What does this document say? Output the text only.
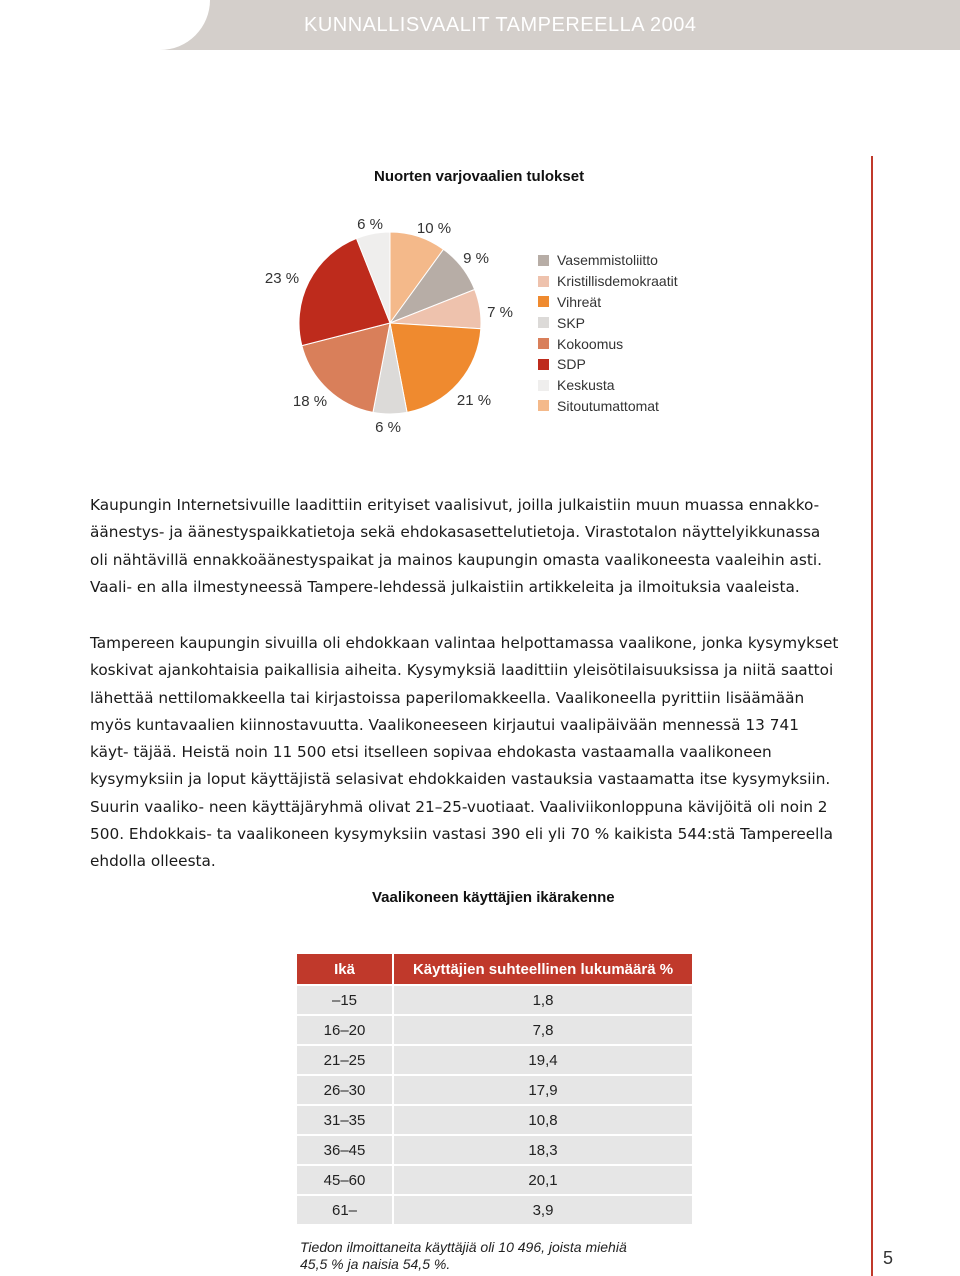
KUNNALLISVAALIT TAMPEREELLA 2004
Nuorten varjovaalien tulokset
10 %
9 %
7 %
21 %
6 %
18 %
23 %
6 %
Vasemmistoliitto
Kristillisdemokraatit
Vihreät
SKP
Kokoomus
SDP
Keskusta
Sitoutumattomat

Kaupungin Internetsivuille laadittiin erityiset vaalisivut, joilla julkaistiin muun muassa ennakko- äänestys- ja äänestyspaikkatietoja sekä ehdokasasettelutietoja. Virastotalon näyttelyikkunassa oli nähtävillä ennakkoäänestyspaikat ja mainos kaupungin omasta vaalikoneesta vaaleihin asti. Vaali- en alla ilmestyneessä Tampere-lehdessä julkaistiin artikkeleita ja ilmoituksia vaaleista.

Tampereen kaupungin sivuilla oli ehdokkaan valintaa helpottamassa vaalikone, jonka kysymykset koskivat ajankohtaisia paikallisia aiheita. Kysymyksiä laadittiin yleisötilaisuuksissa ja niitä saattoi lähettää nettilomakkeella tai kirjastoissa paperilomakkeella. Vaalikoneella pyrittiin lisäämään myös kuntavaalien kiinnostavuutta. Vaalikoneeseen kirjautui vaalipäivään mennessä 13 741 käyt- täjää. Heistä noin 11 500 etsi itselleen sopivaa ehdokasta vastaamalla vaalikoneen kysymyksiin ja loput käyttäjistä selasivat ehdokkaiden vastauksia vastaamatta itse kysymyksiin. Suurin vaaliko- neen käyttäjäryhmä olivat 21–25-vuotiaat. Vaaliviikonloppuna kävijöitä oli noin 2 500. Ehdokkais- ta vaalikoneen kysymyksiin vastasi 390 eli yli 70 % kaikista 544:stä Tampereella ehdolla olleesta.

Vaalikoneen käyttäjien ikärakenne
Ikä	Käyttäjien suhteellinen lukumäärä %
–15	1,8
16–20	7,8
21–25	19,4
26–30	17,9
31–35	10,8
36–45	18,3
45–60	20,1
61–	3,9
Tiedon ilmoittaneita käyttäjiä oli 10 496, joista miehiä
45,5 % ja naisia 54,5 %.	5
